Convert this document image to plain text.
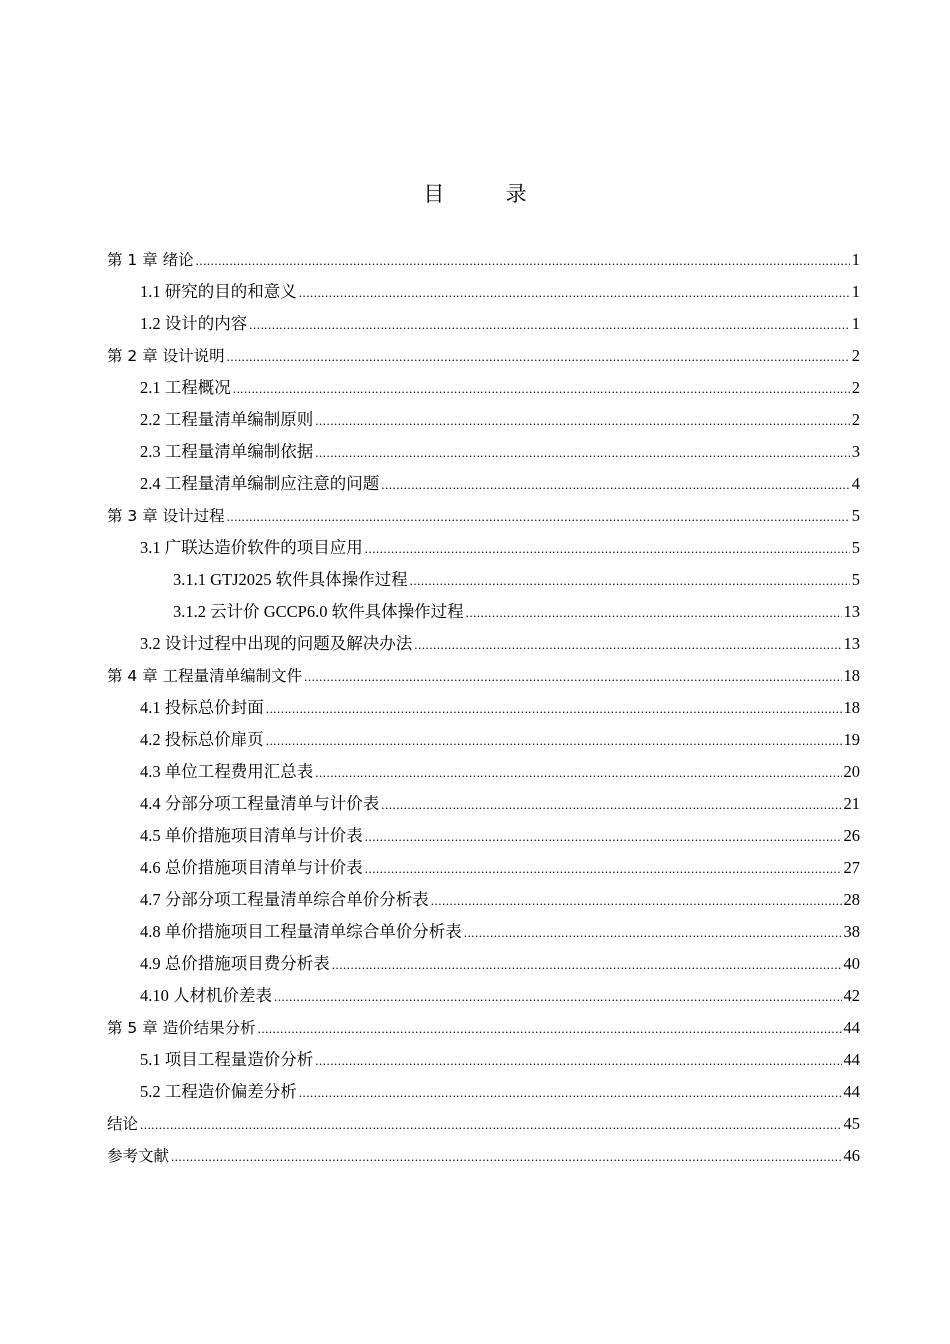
目 录
第 1 章 绪论 .....	1
1.1 研究的目的和意义 .....	1
1.2 设计的内容 .....	1
第 2 章 设计说明 .....	2
2.1 工程概况 .....	2
2.2 工程量清单编制原则 .....	2
2.3 工程量清单编制依据 .....	3
2.4 工程量清单编制应注意的问题 .....	4
第 3 章 设计过程 .....	5
3.1 广联达造价软件的项目应用 .....	5
3.1.1 GTJ2025 软件具体操作过程 .....	5
3.1.2 云计价 GCCP6.0 软件具体操作过程 .....	13
3.2 设计过程中出现的问题及解决办法 .....	13
第 4 章 工程量清单编制文件 .....	18
4.1 投标总价封面 .....	18
4.2 投标总价扉页 .....	19
4.3 单位工程费用汇总表 .....	20
4.4 分部分项工程量清单与计价表 .....	21
4.5 单价措施项目清单与计价表 .....	26
4.6 总价措施项目清单与计价表 .....	27
4.7 分部分项工程量清单综合单价分析表 .....	28
4.8 单价措施项目工程量清单综合单价分析表 .....	38
4.9 总价措施项目费分析表 .....	40
4.10 人材机价差表 .....	42
第 5 章 造价结果分析 .....	44
5.1 项目工程量造价分析 .....	44
5.2 工程造价偏差分析 .....	44
结论 .....	45
参考文献 .....	46
